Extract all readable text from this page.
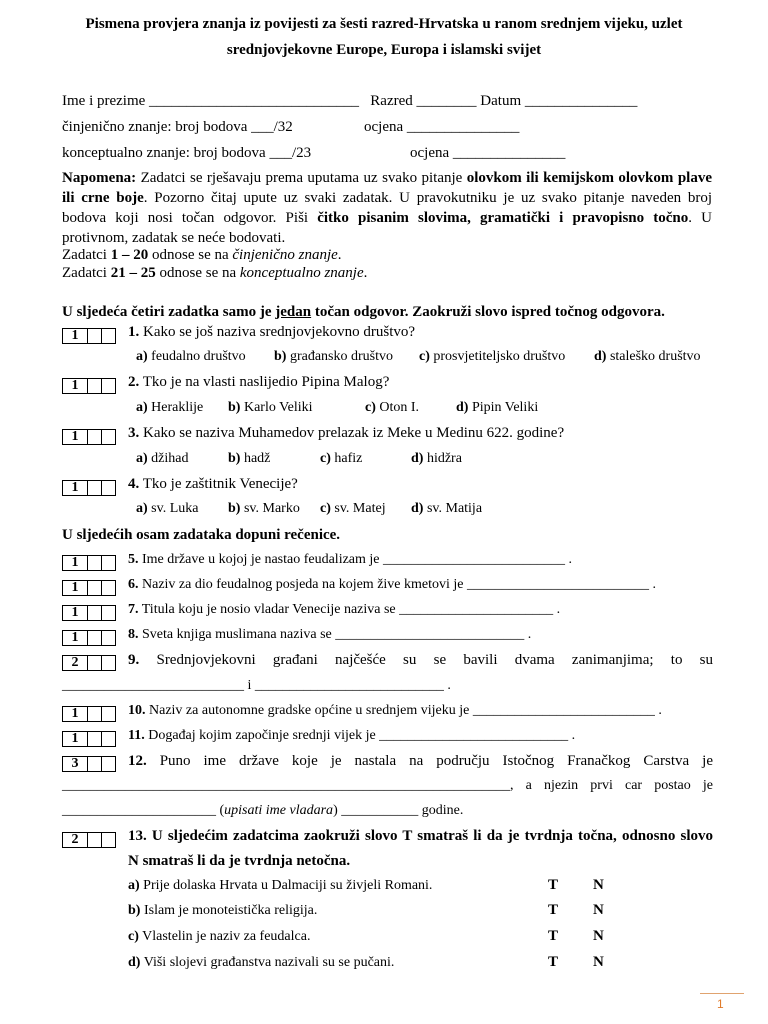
Pismena provjera znanja iz povijesti za šesti razred-Hrvatska u ranom srednjem vijeku, uzlet
srednjovjekovne Europe, Europa i islamski svijet
Ime i prezime ____________________________ Razred ________ Datum _______________
činjenično znanje: broj bodova ___/32	ocjena _______________
konceptualno znanje: broj bodova ___/23	ocjena _______________
Napomena: Zadatci se rješavaju prema uputama uz svako pitanje olovkom ili kemijskom olovkom plave ili crne boje. Pozorno čitaj upute uz svaki zadatak. U pravokutniku je uz svako pitanje naveden broj bodova koji nosi točan odgovor. Piši čitko pisanim slovima, gramatički i pravopisno točno. U protivnom, zadatak se neće bodovati.
Zadatci 1 – 20 odnose se na činjenično znanje.
Zadatci 21 – 25 odnose se na konceptualno znanje.
U sljedeća četiri zadatka samo je jedan točan odgovor. Zaokruži slovo ispred točnog odgovora.
1	1. Kako se još naziva srednjovjekovno društvo?
a) feudalno društvo b) građansko društvo c) prosvjetiteljsko društvo d) staleško društvo
1	2. Tko je na vlasti naslijedio Pipina Malog?
a) Heraklije b) Karlo Veliki	c) Oton I.	d) Pipin Veliki
1	3. Kako se naziva Muhamedov prelazak iz Meke u Medinu 622. godine?
a) džihad	b) hadž	c) hafiz	d) hidžra
1	4. Tko je zaštitnik Venecije?
a) sv. Luka b) sv. Marko c) sv. Matej d) sv. Matija
U sljedećih osam zadataka dopuni rečenice.
1	5. Ime države u kojoj je nastao feudalizam je __________________________ .
1	6. Naziv za dio feudalnog posjeda na kojem žive kmetovi je __________________________ .
1	7. Titula koju je nosio vladar Venecije naziva se ______________________ .
1	8. Sveta knjiga muslimana naziva se ___________________________ .
2	9. Srednjovjekovni građani najčešće su se bavili dvama zanimanjima; to su
__________________________ i ___________________________ .
1	10. Naziv za autonomne gradske općine u srednjem vijeku je __________________________ .
1	11. Događaj kojim započinje srednji vijek je ___________________________ .
3	12. Puno ime države koje je nastala na području Istočnog Franačkog Carstva je
________________________________________________________________, a njezin prvi car postao je
______________________ (upisati ime vladara) ___________ godine.
2	13. U sljedećim zadatcima zaokruži slovo T smatraš li da je tvrdnja točna, odnosno slovo
N smatraš li da je tvrdnja netočna.
a) Prije dolaska Hrvata u Dalmaciji su živjeli Romani.	T N
b) Islam je monoteistička religija.	T N
c) Vlastelin je naziv za feudalca.	T N
d) Viši slojevi građanstva nazivali su se pučani.	T N
1
